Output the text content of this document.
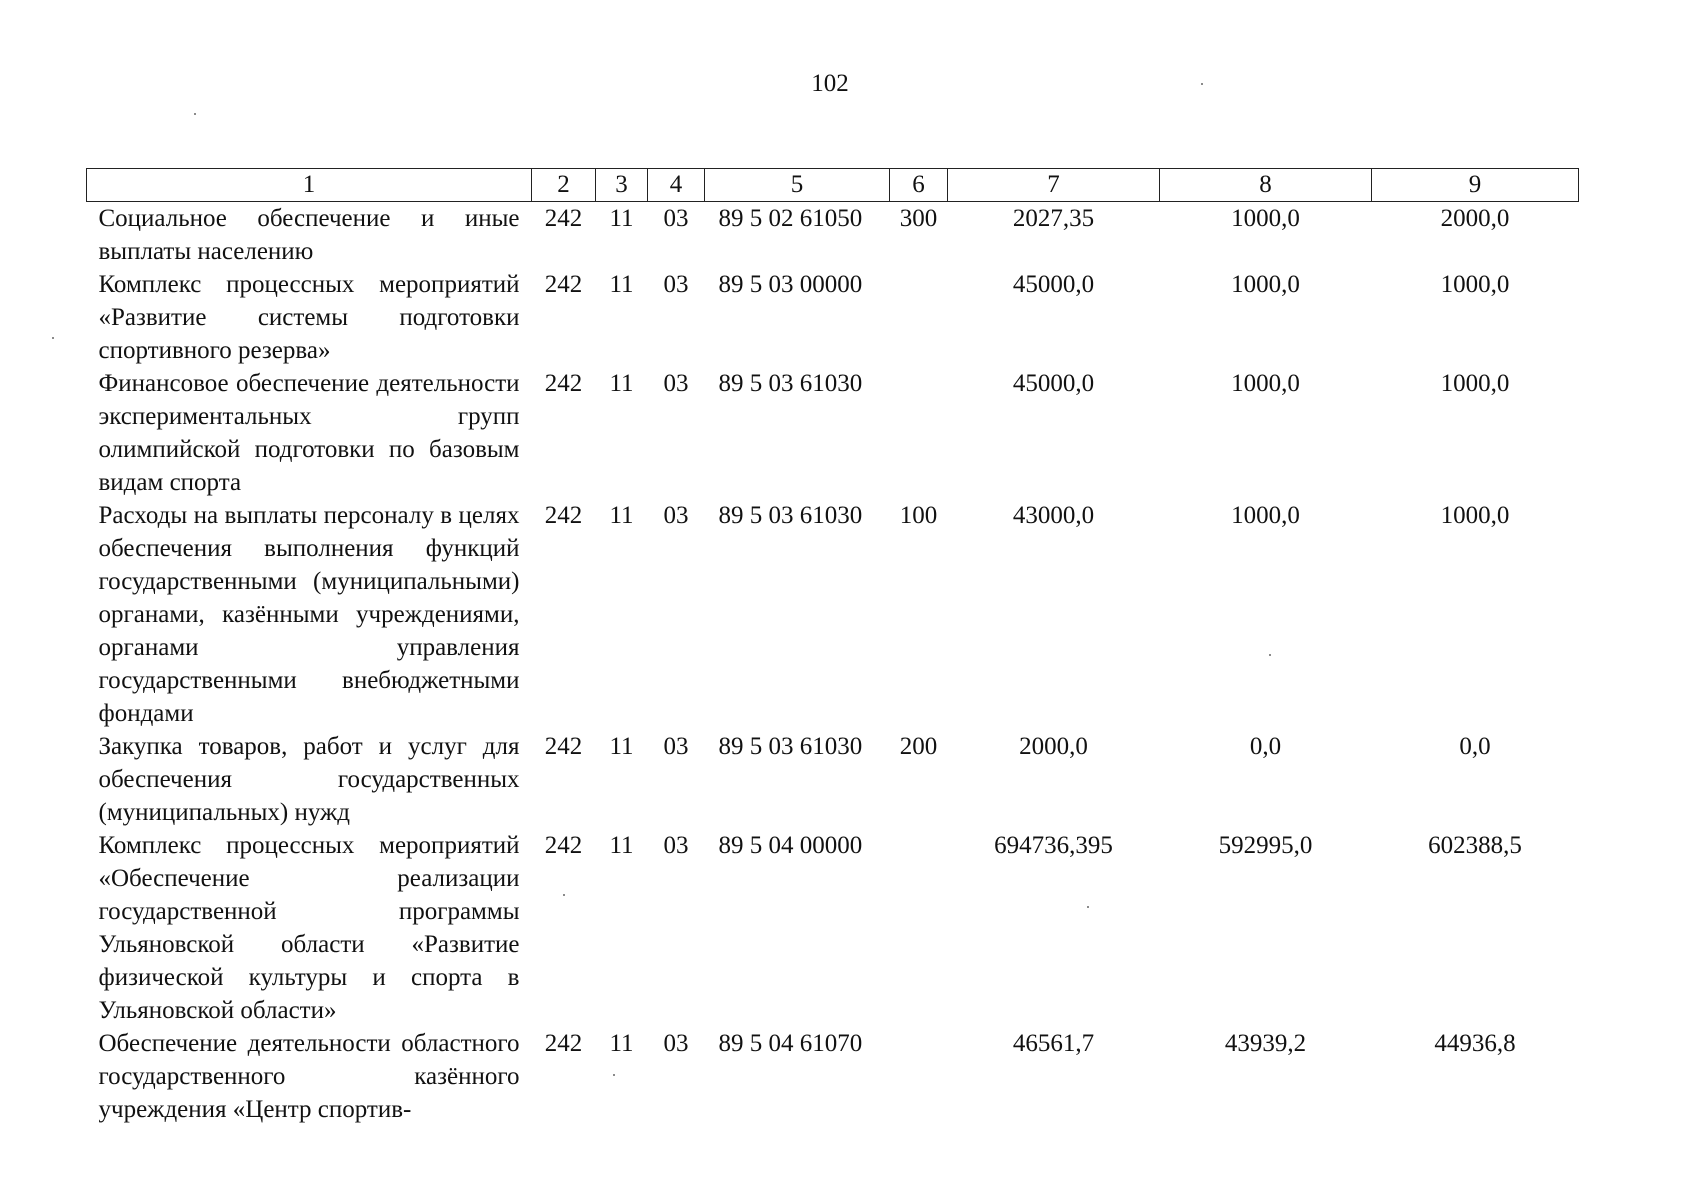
102
1	2	3	4	5	6	7	8	9
Социальное обеспечение и иные выплаты населению	242	11	03	89 5 02 61050	300	2027,35	1000,0	2000,0
Комплекс процессных мероприятий «Развитие системы подготовки спортивного резерва»	242	11	03	89 5 03 00000		45000,0	1000,0	1000,0
Финансовое обеспечение деятельности экспериментальных групп олимпийской подготовки по базовым видам спорта	242	11	03	89 5 03 61030		45000,0	1000,0	1000,0
Расходы на выплаты персоналу в целях обеспечения выполнения функций государственными (муниципальными) органами, казёнными учреждениями, органами управления государственными внебюджетными фондами	242	11	03	89 5 03 61030	100	43000,0	1000,0	1000,0
Закупка товаров, работ и услуг для обеспечения государственных (муниципальных) нужд	242	11	03	89 5 03 61030	200	2000,0	0,0	0,0
Комплекс процессных мероприятий «Обеспечение реализации государственной программы Ульяновской области «Развитие физической культуры и спорта в Ульяновской области»	242	11	03	89 5 04 00000		694736,395	592995,0	602388,5
Обеспечение деятельности областного государственного казённого учреждения «Центр спортив-	242	11	03	89 5 04 61070		46561,7	43939,2	44936,8
